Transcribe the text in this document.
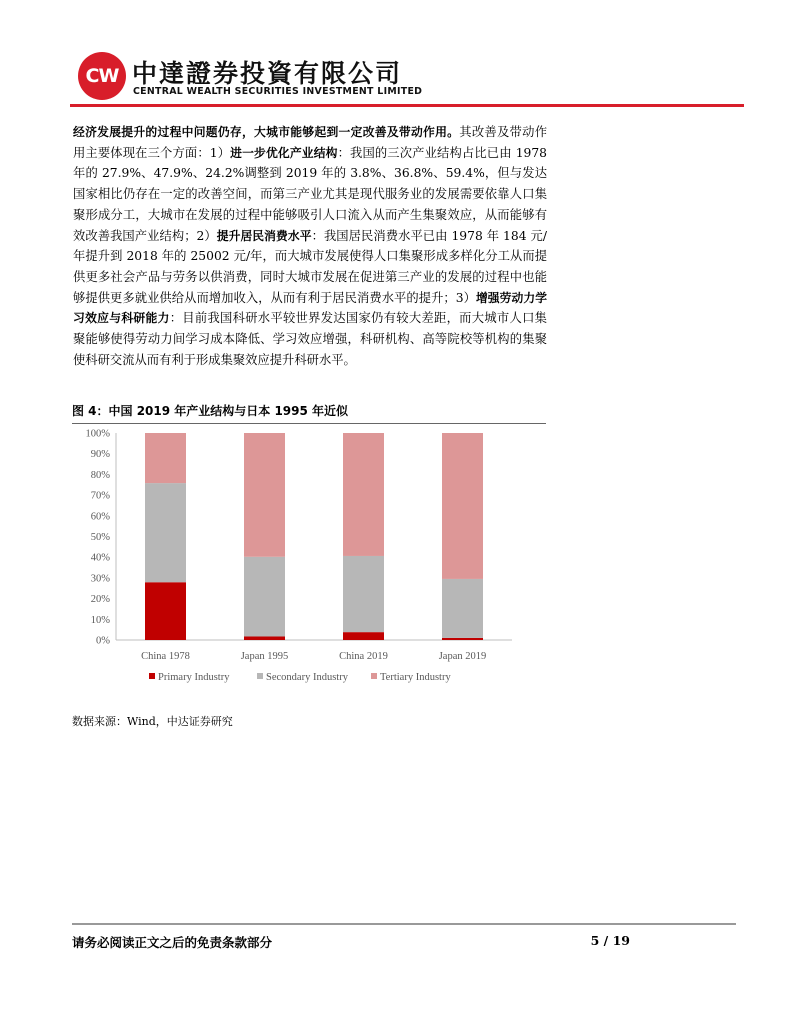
CW 中達證券投資有限公司
CENTRAL WEALTH SECURITIES INVESTMENT LIMITED
经济发展提升的过程中问题仍存，大城市能够起到一定改善及带动作用。其改善及带动作用主要体现在三个方面：1）进一步优化产业结构：我国的三次产业结构占比已由 1978 年的 27.9%、47.9%、24.2%调整到 2019 年的 3.8%、36.8%、59.4%，但与发达国家相比仍存在一定的改善空间，而第三产业尤其是现代服务业的发展需要依靠人口集聚形成分工，大城市在发展的过程中能够吸引人口流入从而产生集聚效应，从而能够有效改善我国产业结构；2）提升居民消费水平：我国居民消费水平已由 1978 年 184 元/年提升到 2018 年的 25002 元/年，而大城市发展使得人口集聚形成多样化分工从而提供更多社会产品与劳务以供消费，同时大城市发展在促进第三产业的发展的过程中也能够提供更多就业供给从而增加收入，从而有利于居民消费水平的提升；3）增强劳动力学习效应与科研能力：目前我国科研水平较世界发达国家仍有较大差距，而大城市人口集聚能够使得劳动力间学习成本降低、学习效应增强，科研机构、高等院校等机构的集聚使科研交流从而有利于形成集聚效应提升科研水平。
图 4：中国 2019 年产业结构与日本 1995 年近似
0%
10%
20%
30%
40%
50%
60%
70%
80%
90%
100%
China 1978	Japan 1995	China 2019	Japan 2019
Primary Industry	Secondary Industry	Tertiary Industry
数据来源：Wind，中达证券研究
请务必阅读正文之后的免责条款部分	5 / 19
